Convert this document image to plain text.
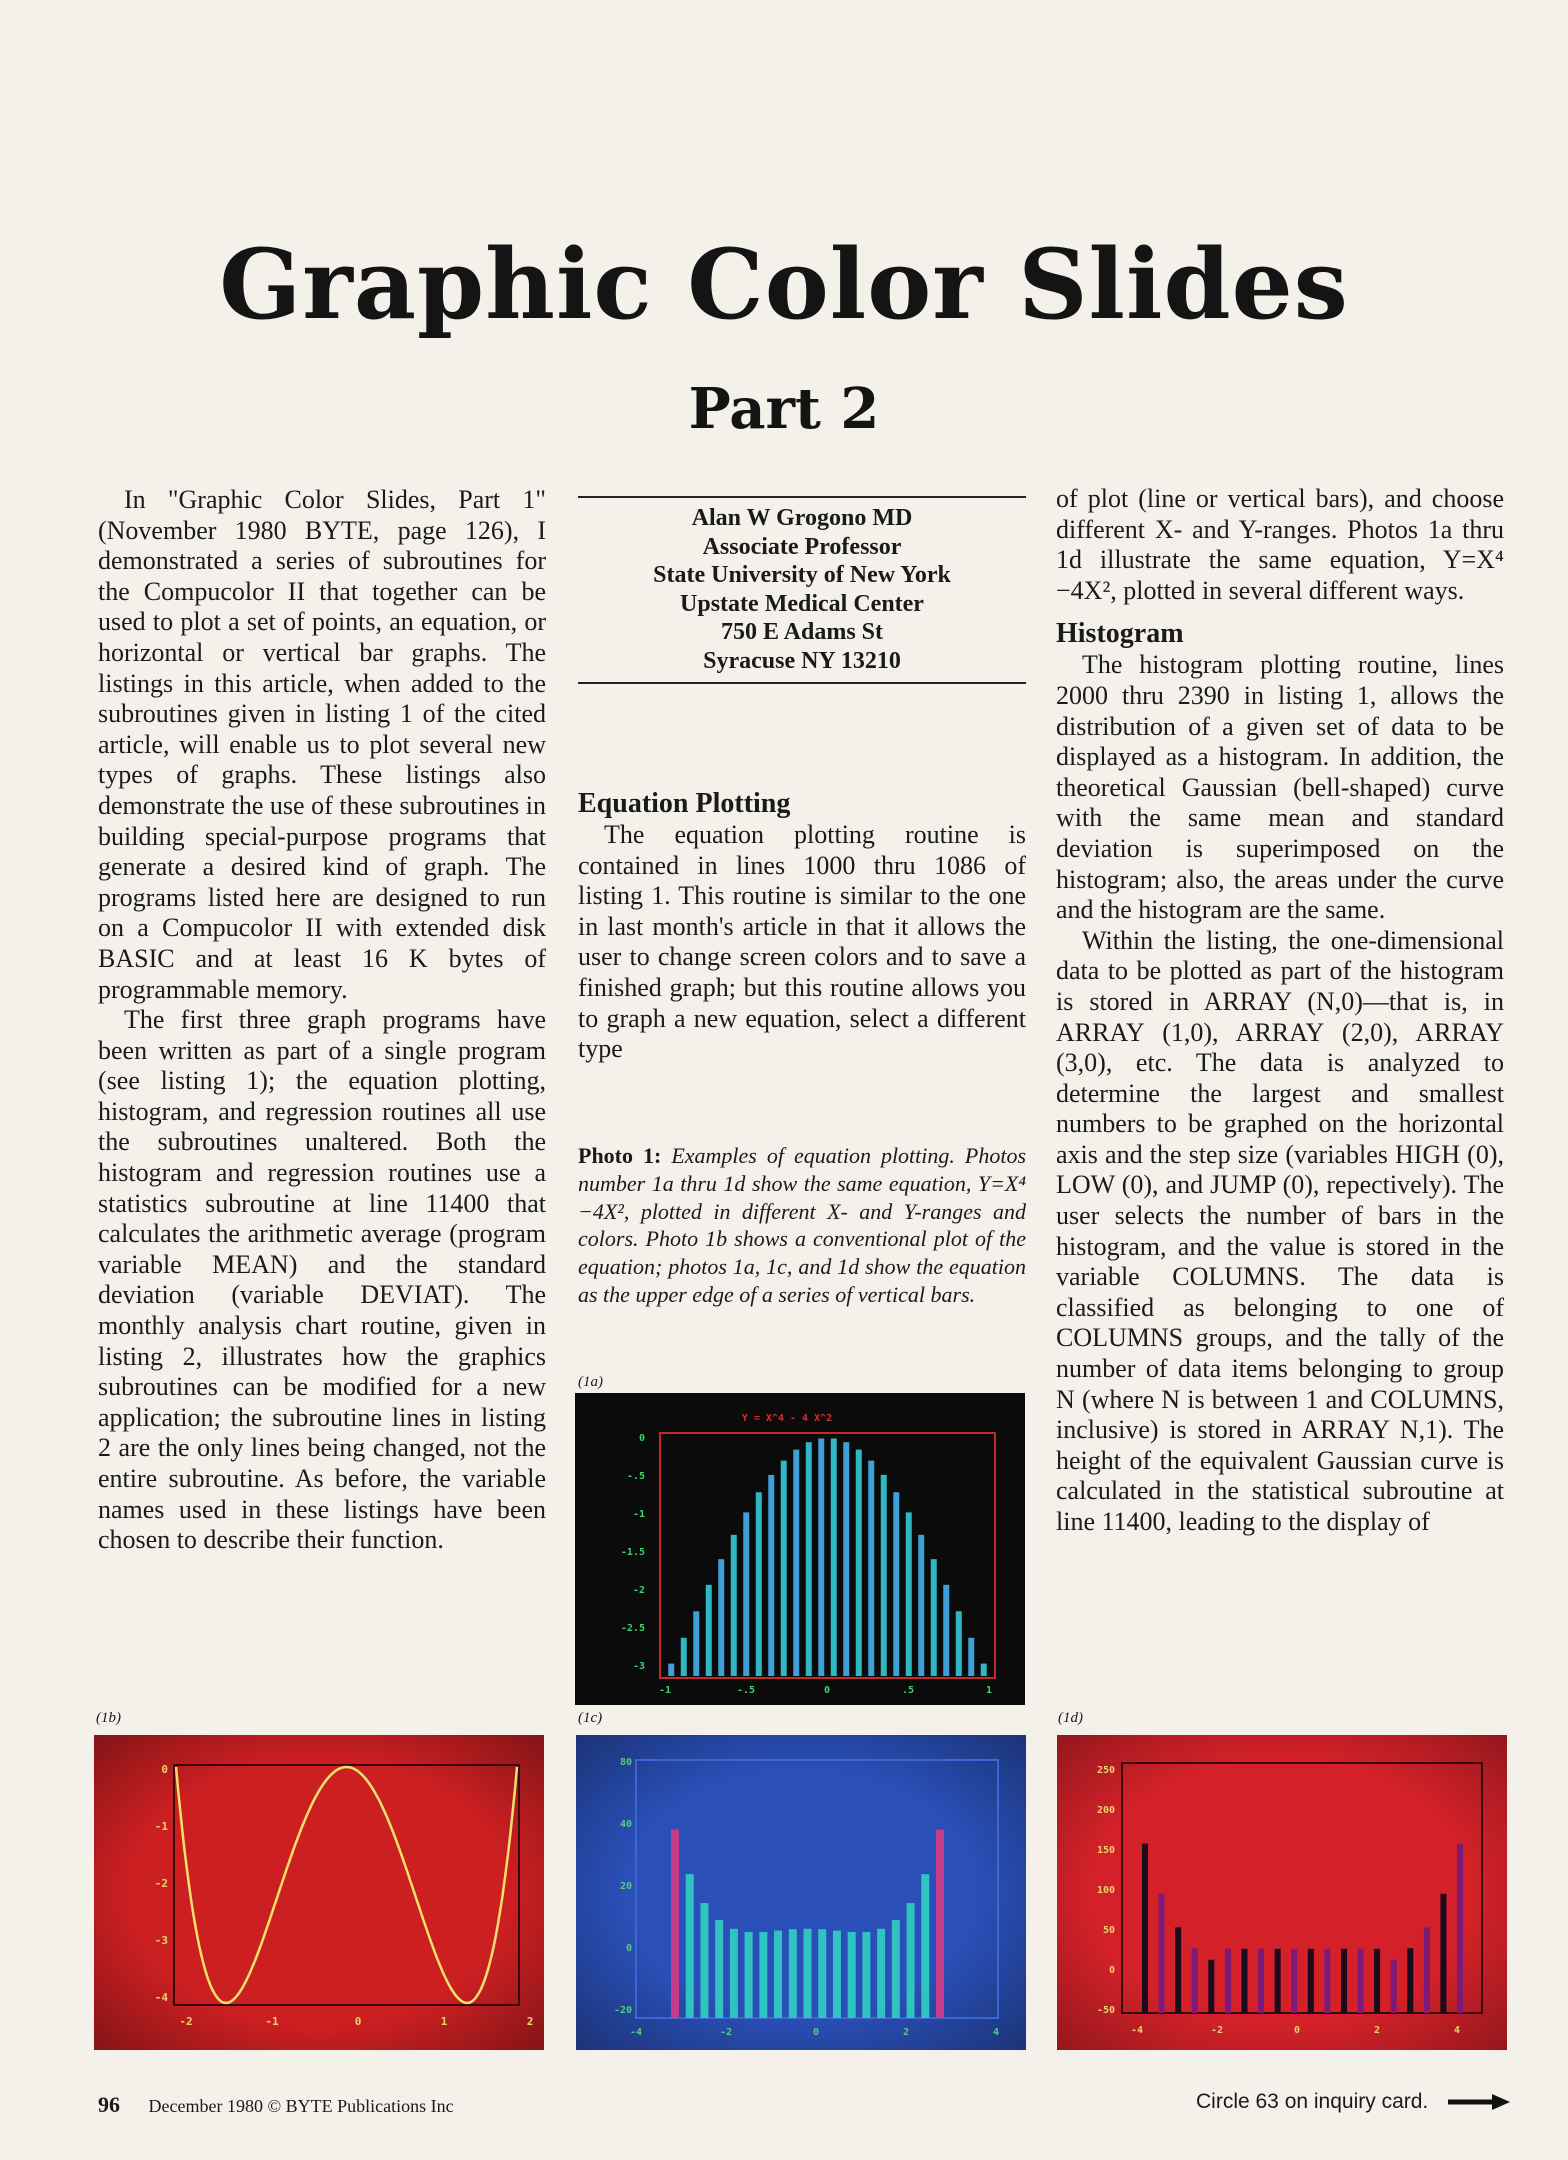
Graphic Color Slides
Part 2

In "Graphic Color Slides, Part 1" (November 1980 BYTE, page 126), I demonstrated a series of subroutines for the Compucolor II that together can be used to plot a set of points, an equation, or horizontal or vertical bar graphs. The listings in this article, when added to the subroutines given in listing 1 of the cited article, will enable us to plot several new types of graphs. These listings also demonstrate the use of these subroutines in building special-purpose programs that generate a desired kind of graph. The programs listed here are designed to run on a Compucolor II with extended disk BASIC and at least 16 K bytes of programmable memory.

The first three graph programs have been written as part of a single program (see listing 1); the equation plotting, histogram, and regression routines all use the subroutines unaltered. Both the histogram and regression routines use a statistics subroutine at line 11400 that calculates the arithmetic average (program variable MEAN) and the standard deviation (variable DEVIAT). The monthly analysis chart routine, given in listing 2, illustrates how the graphics subroutines can be modified for a new application; the subroutine lines in listing 2 are the only lines being changed, not the entire subroutine. As before, the variable names used in these listings have been chosen to describe their function.

Alan W Grogono MD
Associate Professor
State University of New York
Upstate Medical Center
750 E Adams St
Syracuse NY 13210
Equation Plotting

The equation plotting routine is contained in lines 1000 thru 1086 of listing 1. This routine is similar to the one in last month's article in that it allows the user to change screen colors and to save a finished graph; but this routine allows you to graph a new equation, select a different type

Photo 1: Examples of equation plotting. Photos number 1a thru 1d show the same equation, Y=X⁴ −4X², plotted in different X- and Y-ranges and colors. Photo 1b shows a conventional plot of the equation; photos 1a, 1c, and 1d show the equation as the upper edge of a series of vertical bars.
of plot (line or vertical bars), and choose different X- and Y-ranges. Photos 1a thru 1d illustrate the same equation, Y=X⁴ −4X², plotted in several different ways.
Histogram

The histogram plotting routine, lines 2000 thru 2390 in listing 1, allows the distribution of a given set of data to be displayed as a histogram. In addition, the theoretical Gaussian (bell-shaped) curve with the same mean and standard deviation is superimposed on the histogram; also, the areas under the curve and the histogram are the same.

Within the listing, the one-dimensional data to be plotted as part of the histogram is stored in ARRAY (N,0)—that is, in ARRAY (1,0), ARRAY (2,0), ARRAY (3,0), etc. The data is analyzed to determine the largest and smallest numbers to be graphed on the horizontal axis and the step size (variables HIGH (0), LOW (0), and JUMP (0), repectively). The user selects the number of bars in the histogram, and the value is stored in the variable COLUMNS. The data is classified as belonging to one of COLUMNS groups, and the tally of the number of data items belonging to group N (where N is between 1 and COLUMNS, inclusive) is stored in ARRAY N,1). The height of the equivalent Gaussian curve is calculated in the statistical subroutine at line 11400, leading to the display of

(1a)
(1b)	(1c)	(1d)
Y = X^4 - 4 X^2
0
-.5
-1
-1.5
-2
-2.5
-3
-1	-.5	0	.5	1
0
-1
-2
-3
-4
-2	-1	0	1	2
80
40
20
0
-20
-4	-2	0	2	4
250
200
150
100
50
0
-50
-4	-2	0	2	4
96 December 1980 © BYTE Publications Inc	Circle 63 on inquiry card.
